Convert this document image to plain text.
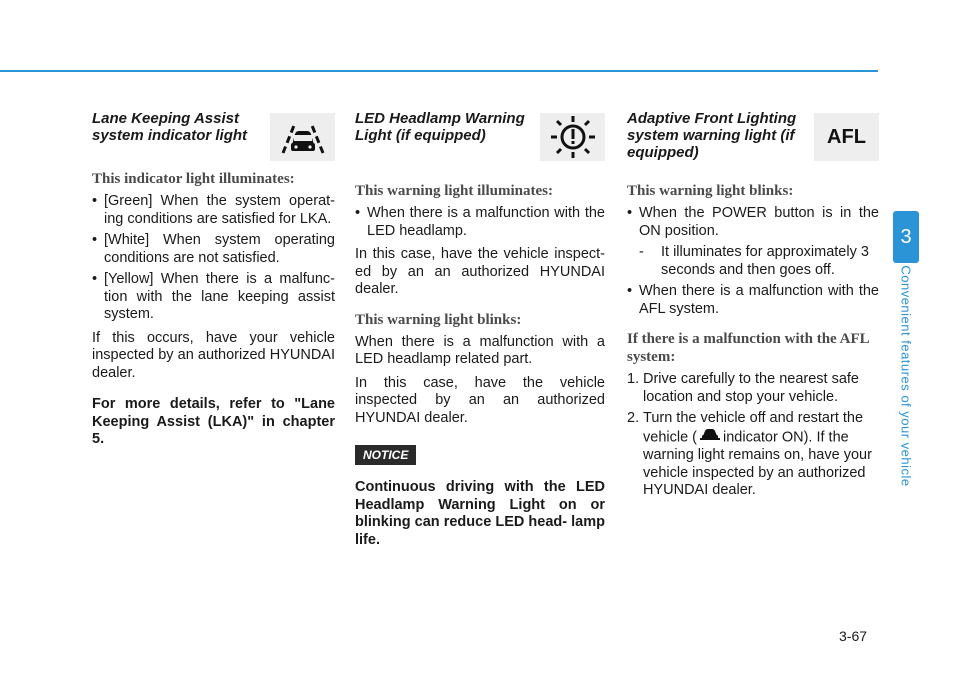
Lane Keeping Assist system indicator light
This indicator light illuminates:
• [Green] When the system operat- ing conditions are satisfied for LKA.
• [White] When system operating conditions are not satisfied.
• [Yellow] When there is a malfunc- tion with the lane keeping assist system.

If this occurs, have your vehicle inspected by an authorized HYUNDAI dealer.

For more details, refer to "Lane Keeping Assist (LKA)" in chapter 5.

LED Headlamp Warning Light (if equipped)
This warning light illuminates:
• When there is a malfunction with the LED headlamp.

In this case, have the vehicle inspect- ed by an an authorized HYUNDAI dealer.

This warning light blinks:

When there is a malfunction with a LED headlamp related part.

In this case, have the vehicle inspected by an an authorized HYUNDAI dealer.

NOTICE

Continuous driving with the LED Headlamp Warning Light on or blinking can reduce LED head- lamp life.

Adaptive Front Lighting system warning light (if equipped)
AFL
This warning light blinks:
• When the POWER button is in the ON position.
- It illuminates for approximately 3 seconds and then goes off.
• When there is a malfunction with the AFL system.
If there is a malfunction with the AFL system:
1. Drive carefully to the nearest safe location and stop your vehicle.
2. Turn the vehicle off and restart the vehicle ( indicator ON). If the warning light remains on, have your vehicle inspected by an authorized HYUNDAI dealer.
3
Convenient features of your vehicle
3-67
